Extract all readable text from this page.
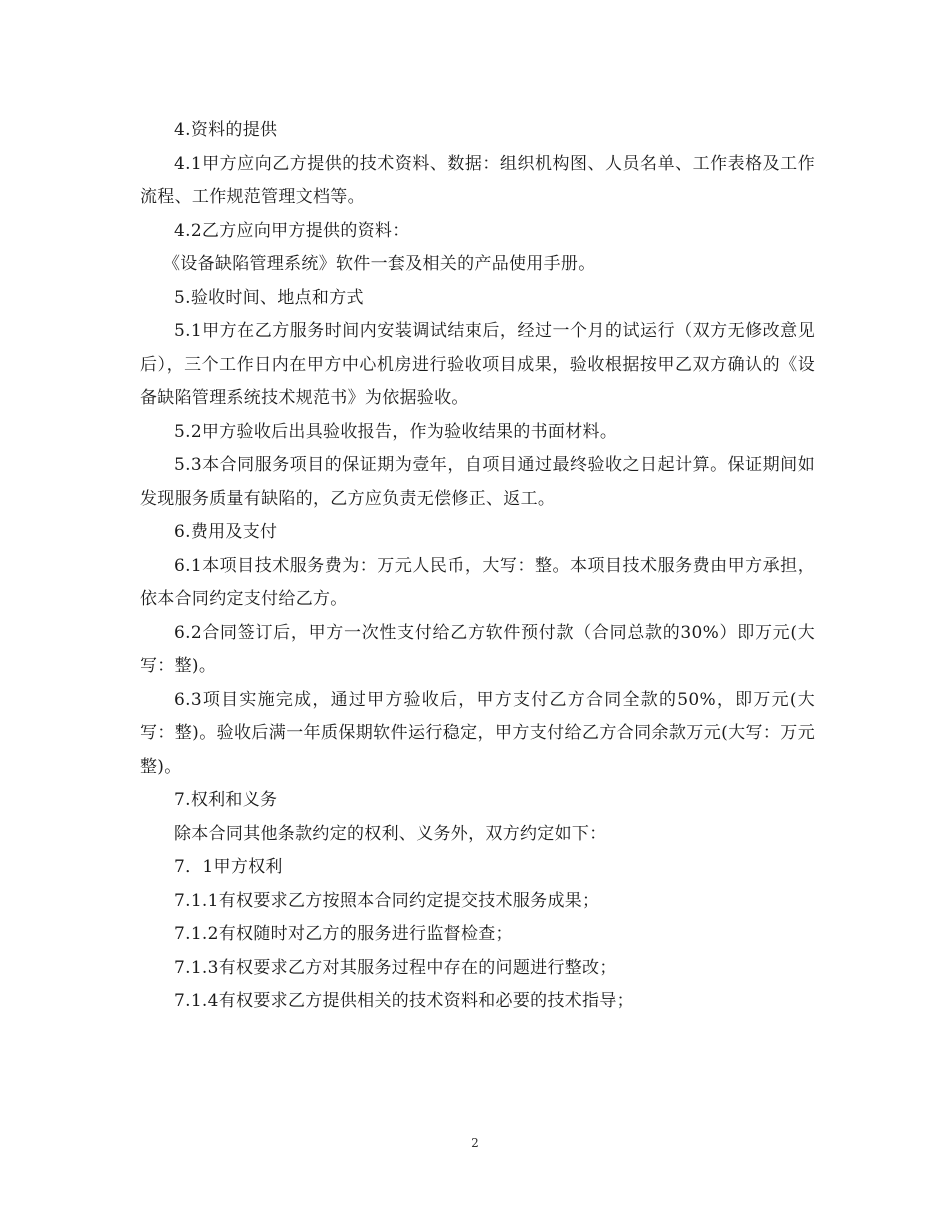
4.资料的提供

4.1甲方应向乙方提供的技术资料、数据：组织机构图、人员名单、工作表格及工作流程、工作规范管理文档等。

4.2乙方应向甲方提供的资料：

《设备缺陷管理系统》软件一套及相关的产品使用手册。

5.验收时间、地点和方式

5.1甲方在乙方服务时间内安装调试结束后，经过一个月的试运行（双方无修改意见后），三个工作日内在甲方中心机房进行验收项目成果，验收根据按甲乙双方确认的《设备缺陷管理系统技术规范书》为依据验收。

5.2甲方验收后出具验收报告，作为验收结果的书面材料。

5.3本合同服务项目的保证期为壹年，自项目通过最终验收之日起计算。保证期间如发现服务质量有缺陷的，乙方应负责无偿修正、返工。

6.费用及支付

6.1本项目技术服务费为：万元人民币，大写：整。本项目技术服务费由甲方承担，依本合同约定支付给乙方。

6.2合同签订后，甲方一次性支付给乙方软件预付款（合同总款的30%）即万元(大写：整)。

6.3项目实施完成，通过甲方验收后，甲方支付乙方合同全款的50%，即万元(大写：整)。验收后满一年质保期软件运行稳定，甲方支付给乙方合同余款万元(大写：万元整)。

7.权利和义务

除本合同其他条款约定的权利、义务外，双方约定如下：

7．1甲方权利

7.1.1有权要求乙方按照本合同约定提交技术服务成果；

7.1.2有权随时对乙方的服务进行监督检查；

7.1.3有权要求乙方对其服务过程中存在的问题进行整改；

7.1.4有权要求乙方提供相关的技术资料和必要的技术指导；

2
